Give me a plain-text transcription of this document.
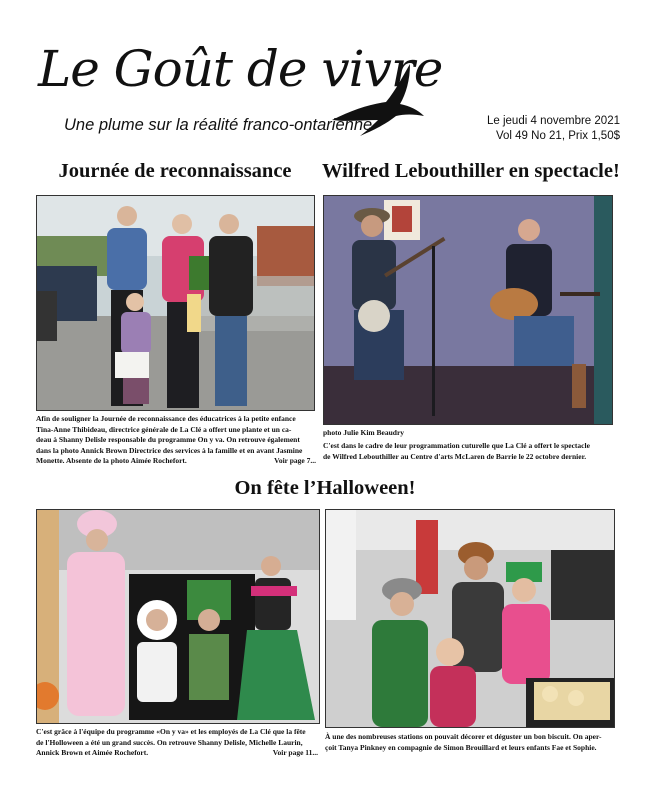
Le Goût de vivre
Une plume sur la réalité franco-ontarienne	Le jeudi 4 novembre 2021
Vol 49 No 21, Prix 1,50$
Journée de reconnaissance	Wilfred Lebouthiller en spectacle!
On fête l’Halloween!
Afin de souligner la Journée de reconnaissance des éducatrices à la petite enfance
Tina-Anne Thibideau, directrice générale de La Clé a offert une plante et un ca-
deau à Shanny Delisle responsable du programme On y va. On retrouve également
dans la photo Annick Brown Directrice des services à la famille et en avant Jasmine
Monette. Absente de la photo Aimée Rochefort.	Voir page 7...
photo Julie Kim Beaudry
C'est dans le cadre de leur programmation cuturelle que La Clé a offert le spectacle
de Wilfred Lebouthiller au Centre d'arts McLaren de Barrie le 22 octobre dernier.
C'est grâce à l'équipe du programme «On y va» et les employés de La Clé que la fête
de l'Holloween a été un grand succès. On retrouve Shanny Delisle, Michelle Laurin,
Annick Brown et Aimée Rochefort.	Voir page 11...
À une des nombreuses stations on pouvait décorer et déguster un bon biscuit. On aper-
çoit Tanya Pinkney en compagnie de Simon Brouillard et leurs enfants Fae et Sophie.
